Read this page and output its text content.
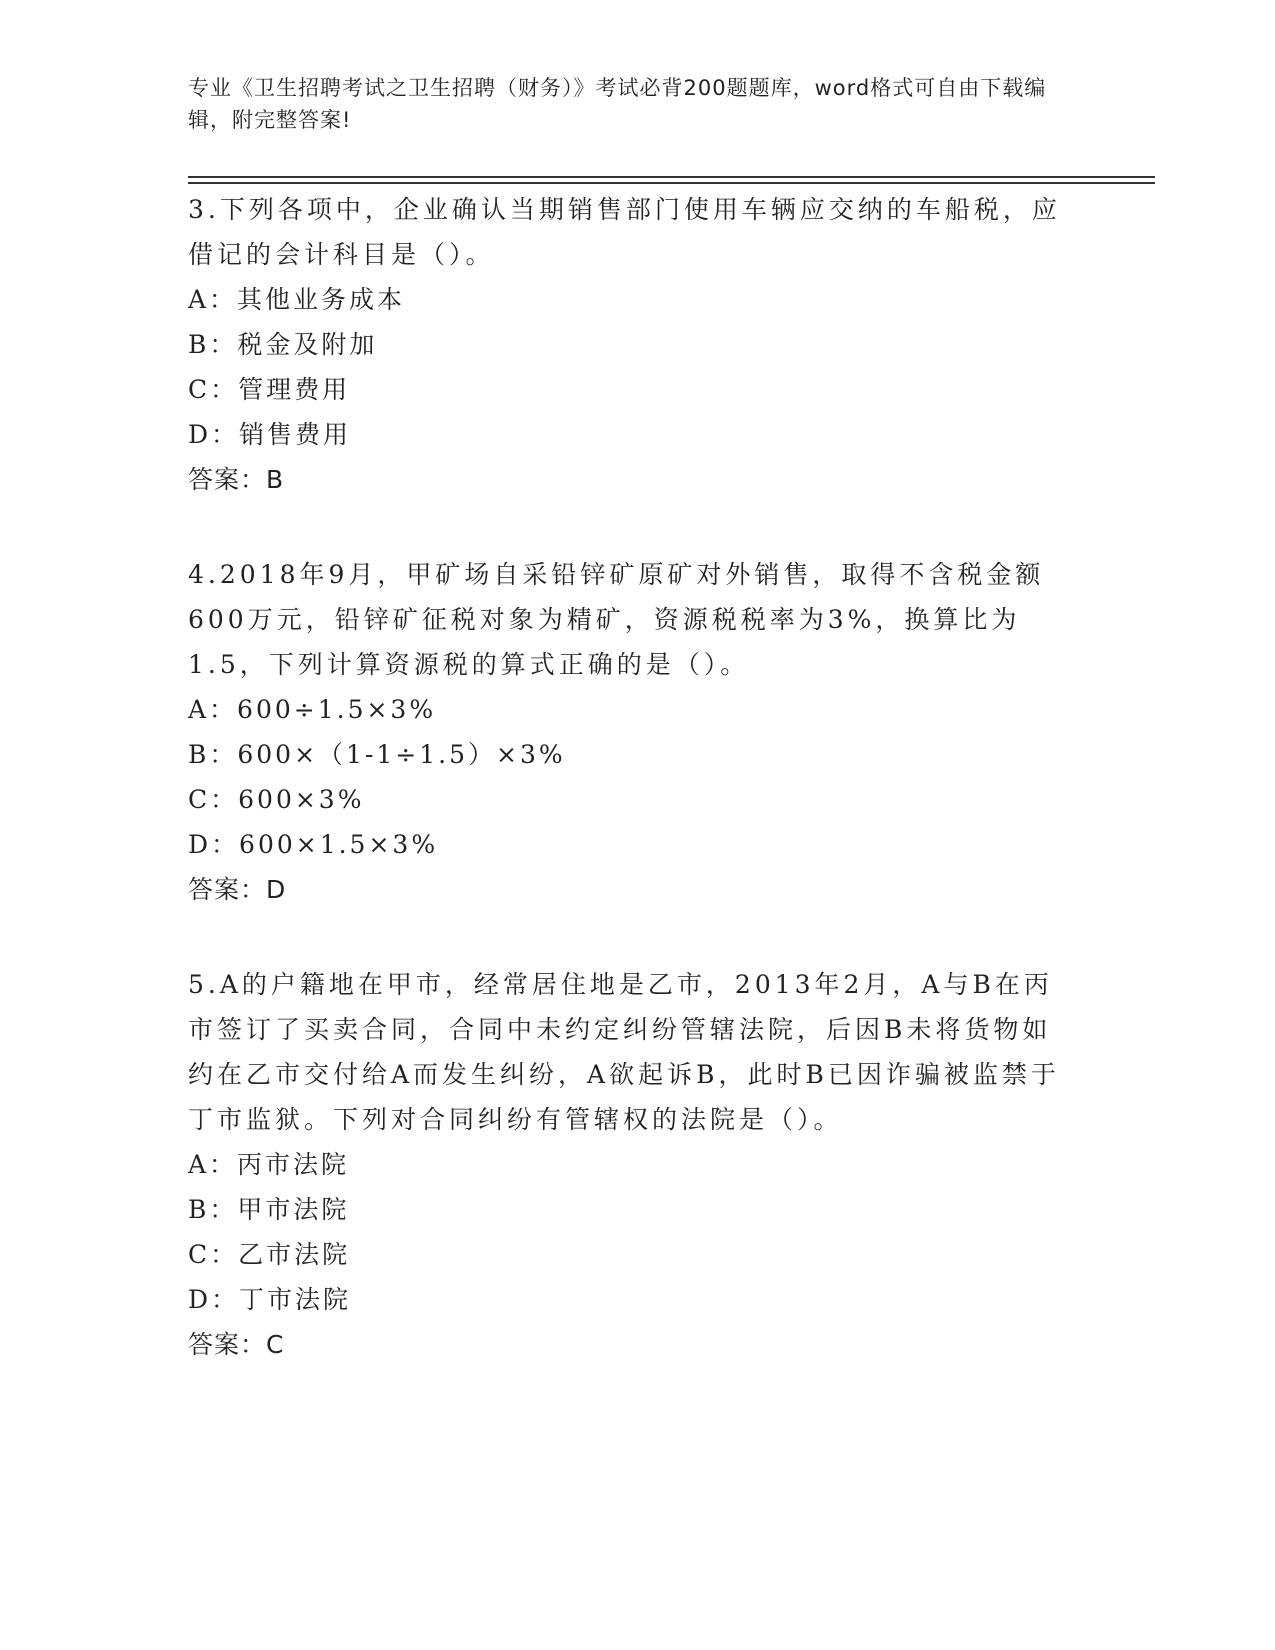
专业《卫生招聘考试之卫生招聘（财务）》考试必背200题题库，word格式可自由下载编辑，附完整答案!
3.下列各项中，企业确认当期销售部门使用车辆应交纳的车船税，应借记的会计科目是（）。
A：其他业务成本
B：税金及附加
C：管理费用
D：销售费用
答案：B
4.2018年9月，甲矿场自采铅锌矿原矿对外销售，取得不含税金额600万元，铅锌矿征税对象为精矿，资源税税率为3%，换算比为1.5，下列计算资源税的算式正确的是（）。
A：600÷1.5×3%
B：600×（1-1÷1.5）×3%
C：600×3%
D：600×1.5×3%
答案：D
5.A的户籍地在甲市，经常居住地是乙市，2013年2月，A与B在丙市签订了买卖合同，合同中未约定纠纷管辖法院，后因B未将货物如约在乙市交付给A而发生纠纷，A欲起诉B，此时B已因诈骗被监禁于丁市监狱。下列对合同纠纷有管辖权的法院是（）。
A：丙市法院
B：甲市法院
C：乙市法院
D：丁市法院
答案：C
